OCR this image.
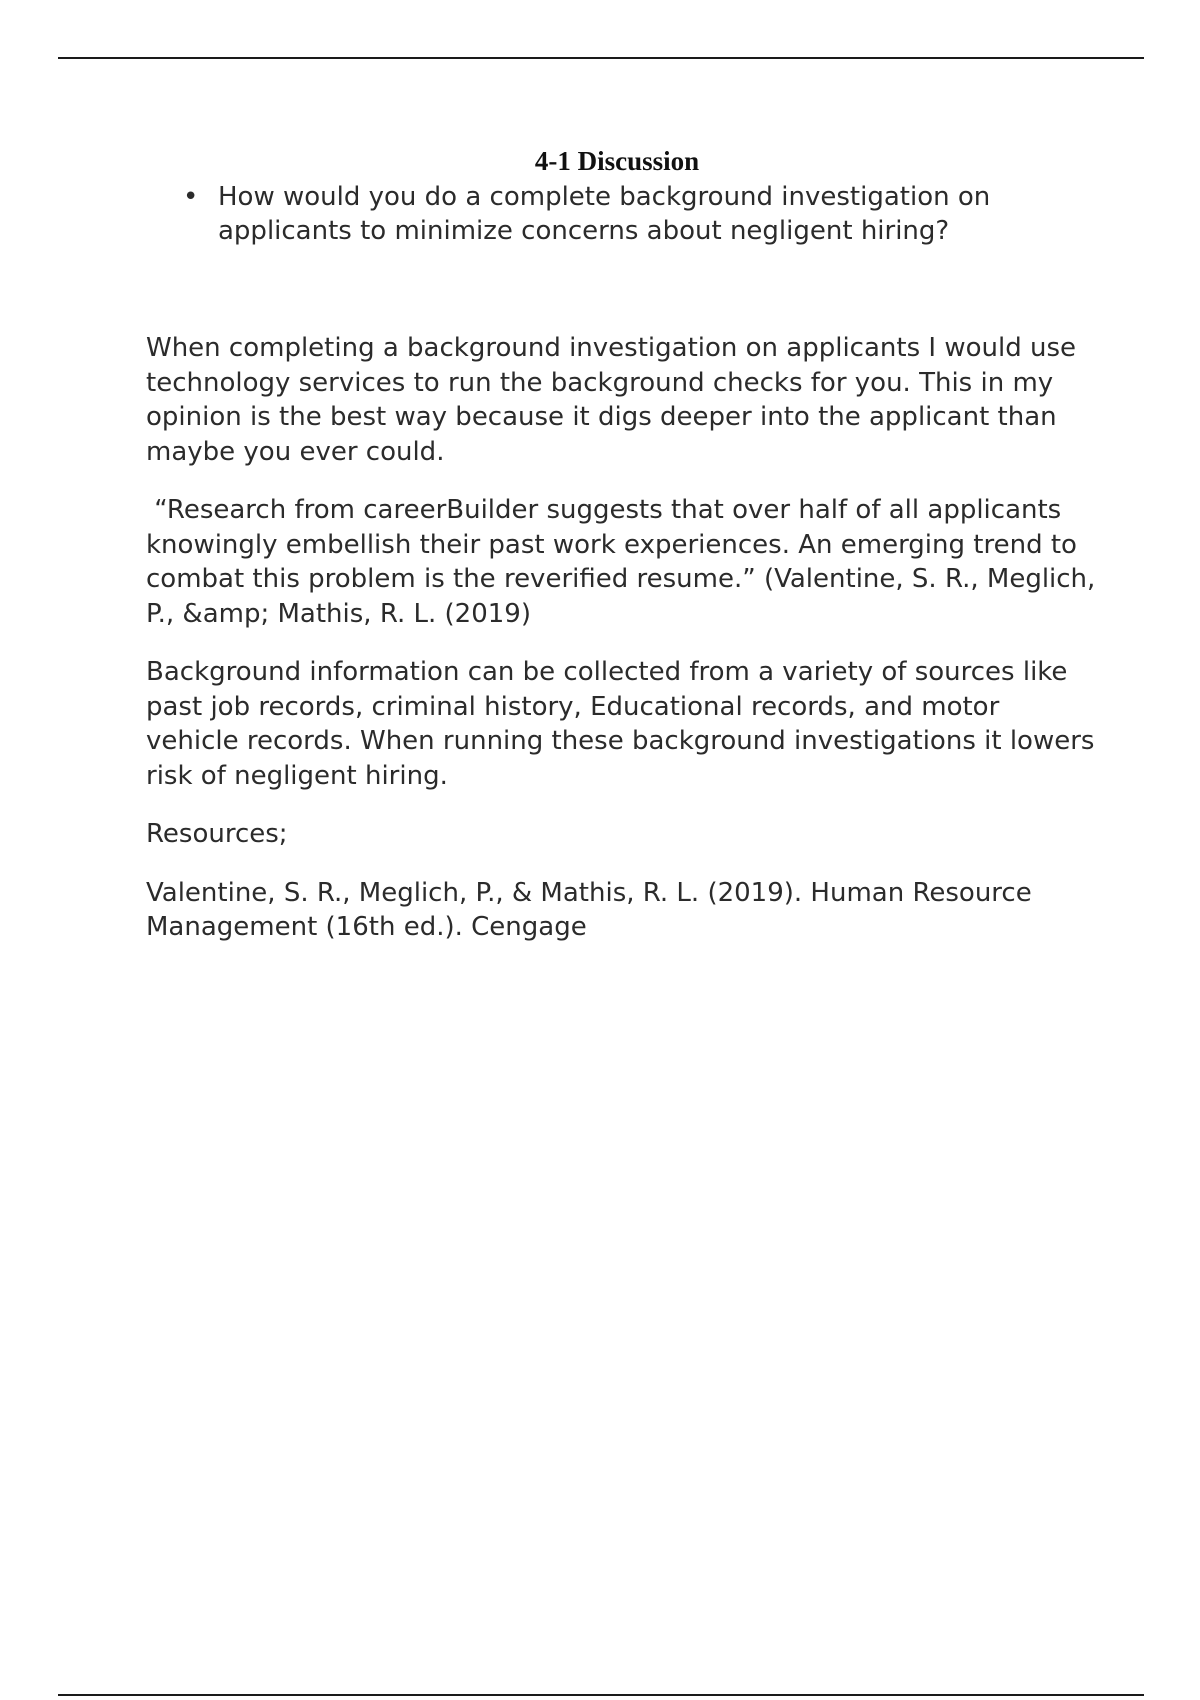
4-1 Discussion
• How would you do a complete background investigation on applicants to minimize concerns about negligent hiring?

When completing a background investigation on applicants I would use technology services to run the background checks for you. This in my opinion is the best way because it digs deeper into the applicant than maybe you ever could.

“Research from careerBuilder suggests that over half of all applicants knowingly embellish their past work experiences. An emerging trend to combat this problem is the reverified resume.” (Valentine, S. R., Meglich, P., &amp; Mathis, R. L. (2019)

Background information can be collected from a variety of sources like past job records, criminal history, Educational records, and motor vehicle records. When running these background investigations it lowers risk of negligent hiring.

Resources;

Valentine, S. R., Meglich, P., & Mathis, R. L. (2019). Human Resource Management (16th ed.). Cengage
